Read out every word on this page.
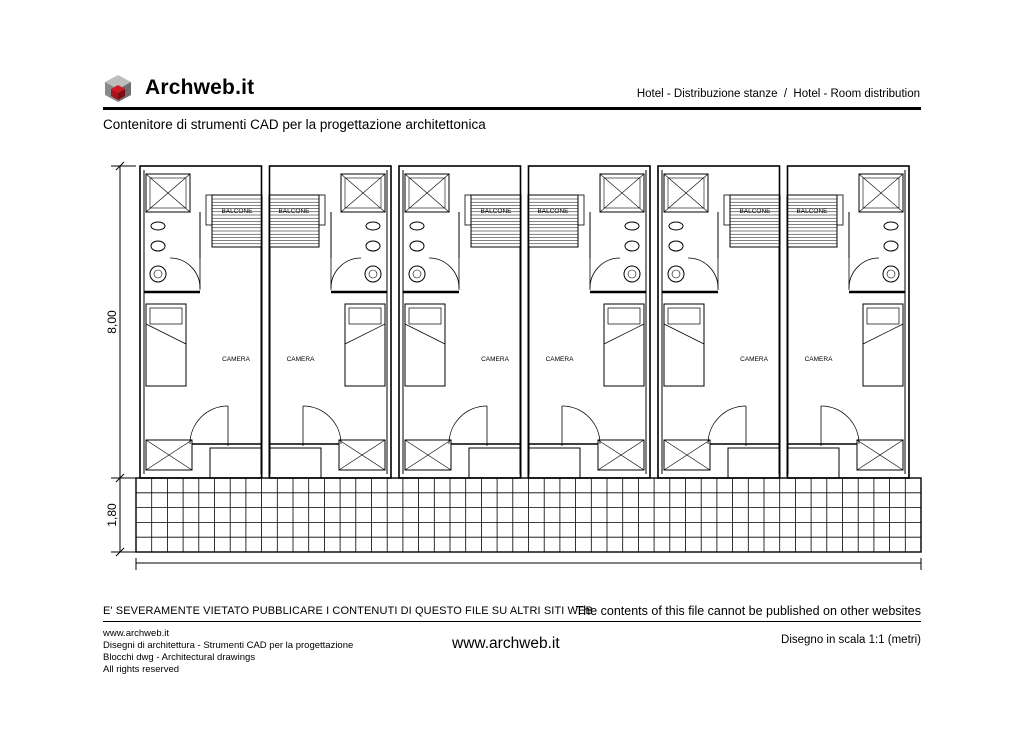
Archweb.it	Hotel - Distribuzione stanze  /  Hotel - Room distribution
Contenitore di strumenti CAD per la progettazione architettonica
8,00
1,80
BALCONE
CAMERA
BALCONE
CAMERA
BALCONE
CAMERA
BALCONE
CAMERA
BALCONE
CAMERA
BALCONE
CAMERA
E' SEVERAMENTE VIETATO PUBBLICARE I CONTENUTI DI QUESTO FILE SU ALTRI SITI WEB
The contents of this file cannot be published on other websites
www.archweb.it
Disegni di architettura - Strumenti CAD per la progettazione
Blocchi dwg - Architectural drawings
All rights reserved
www.archweb.it	Disegno in scala 1:1 (metri)
